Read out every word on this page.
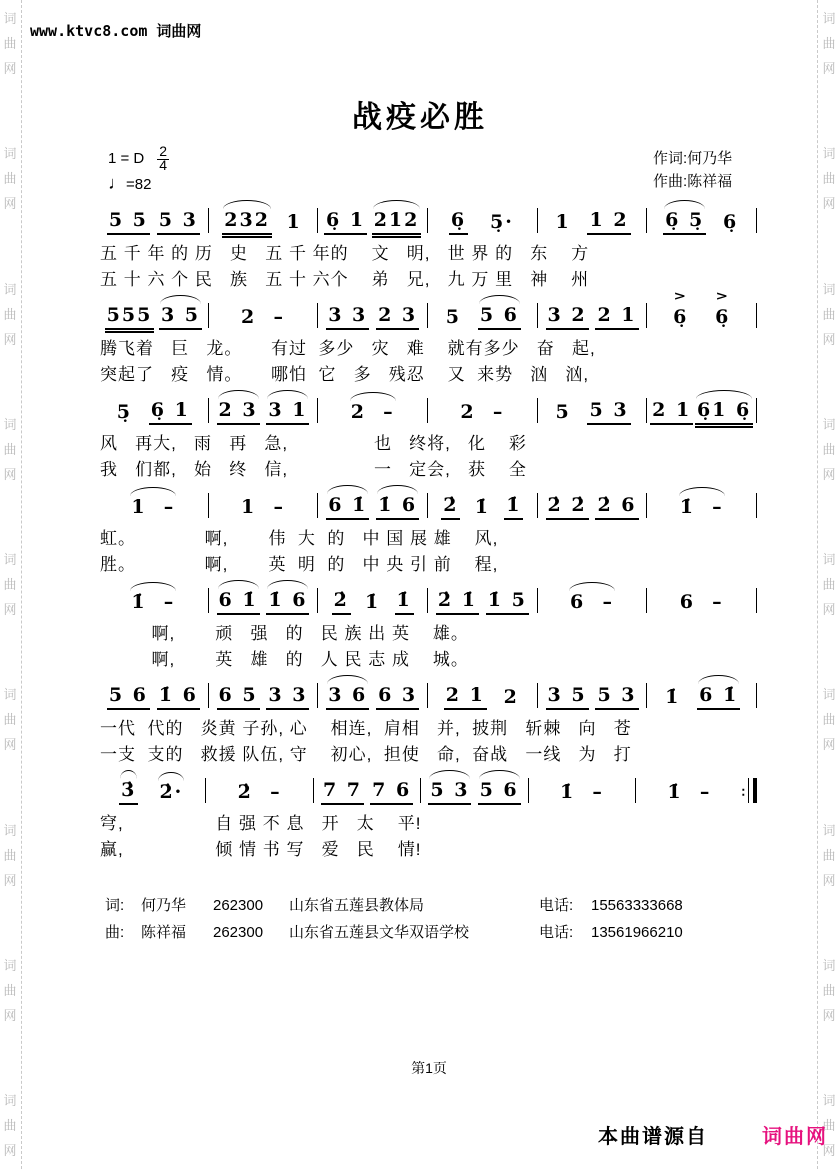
词
曲
网
词
曲
网
词
曲
网
词
曲
网
词
曲
网
词
曲
网
词
曲
网
词
曲
网
词
曲
网
词
曲
网
词
曲
网
词
曲
网
词
曲
网
词
曲
网
词
曲
网
词
曲
网
词
曲
网
词
曲
网
www.ktvc8.com 词曲网
战疫必胜
1 = D $\frac{2}{4}$
♩=82
作词:何乃华
作曲:陈祥福
5 5 5 3 232 1 6̣ 1 212 6̣ 5̣· 1 1 2 6̣ 5̣ 6̣
五 千 年 的 历   史   五 千 年的    文   明,   世 界 的   东    方
五 十 六 个 民   族   五 十 六个    弟   兄,   九 万 里   神    州
555 3 5 2  – 3 3 2 3 5 5 6 3 2 2 1 6̣
>
6̣
>
腾飞着   巨   龙。     有过  多少   灾   难    就有多少   奋   起,
突起了   疫   情。     哪怕  它   多   残忍    又  来势   汹   汹,
5̣ 6̣ 1 2 3 3 1 2  –	2  –	5 5 3 2 1 6̣1 6̣
风   再大,   雨   再   急,               也   终将,   化    彩
我   们都,   始   终   信,               一   定会,   获    全
1  –	1  – 6 1̇ 1̇ 6 2̇ 1̇ 1̇ 2̇ 2̇ 2̇ 6 1̇  –
虹。            啊,       伟  大  的   中 国 展 雄    风,
胜。            啊,       英  明  的   中 央 引 前    程,
1̇  – 6 1̇ 1̇ 6 2̇ 1̇ 1̇ 2̇ 1̇ 1̇ 5 6  –	6  –
啊,       顽   强   的   民 族 出 英    雄。
啊,       英   雄   的   人 民 志 成    城。
5 6 1̇ 6 6 5 3 3 3 6 6 3 2 1 2 3 5 5 3 1̇ 6 1̇
一代  代的   炎黄 子孙, 心    相连,  肩相   并,  披荆   斩棘   向   苍
一支  支的   救援 队伍, 守    初心,  担使   命,  奋战   一线   为   打
3̇ 2̇·	2̇  – 7 7 7 6 5 3 5 6 1̇  –	1̇  – ∶
穹,                自 强 不 息   开   太    平!
赢,                倾 情 书 写   爱   民    情!
词:	何乃华	262300	山东省五莲县教体局	电话:	15563333668
曲:	陈祥福	262300	山东省五莲县文华双语学校	电话:	13561966210
第1页
本曲谱源自	词曲网
